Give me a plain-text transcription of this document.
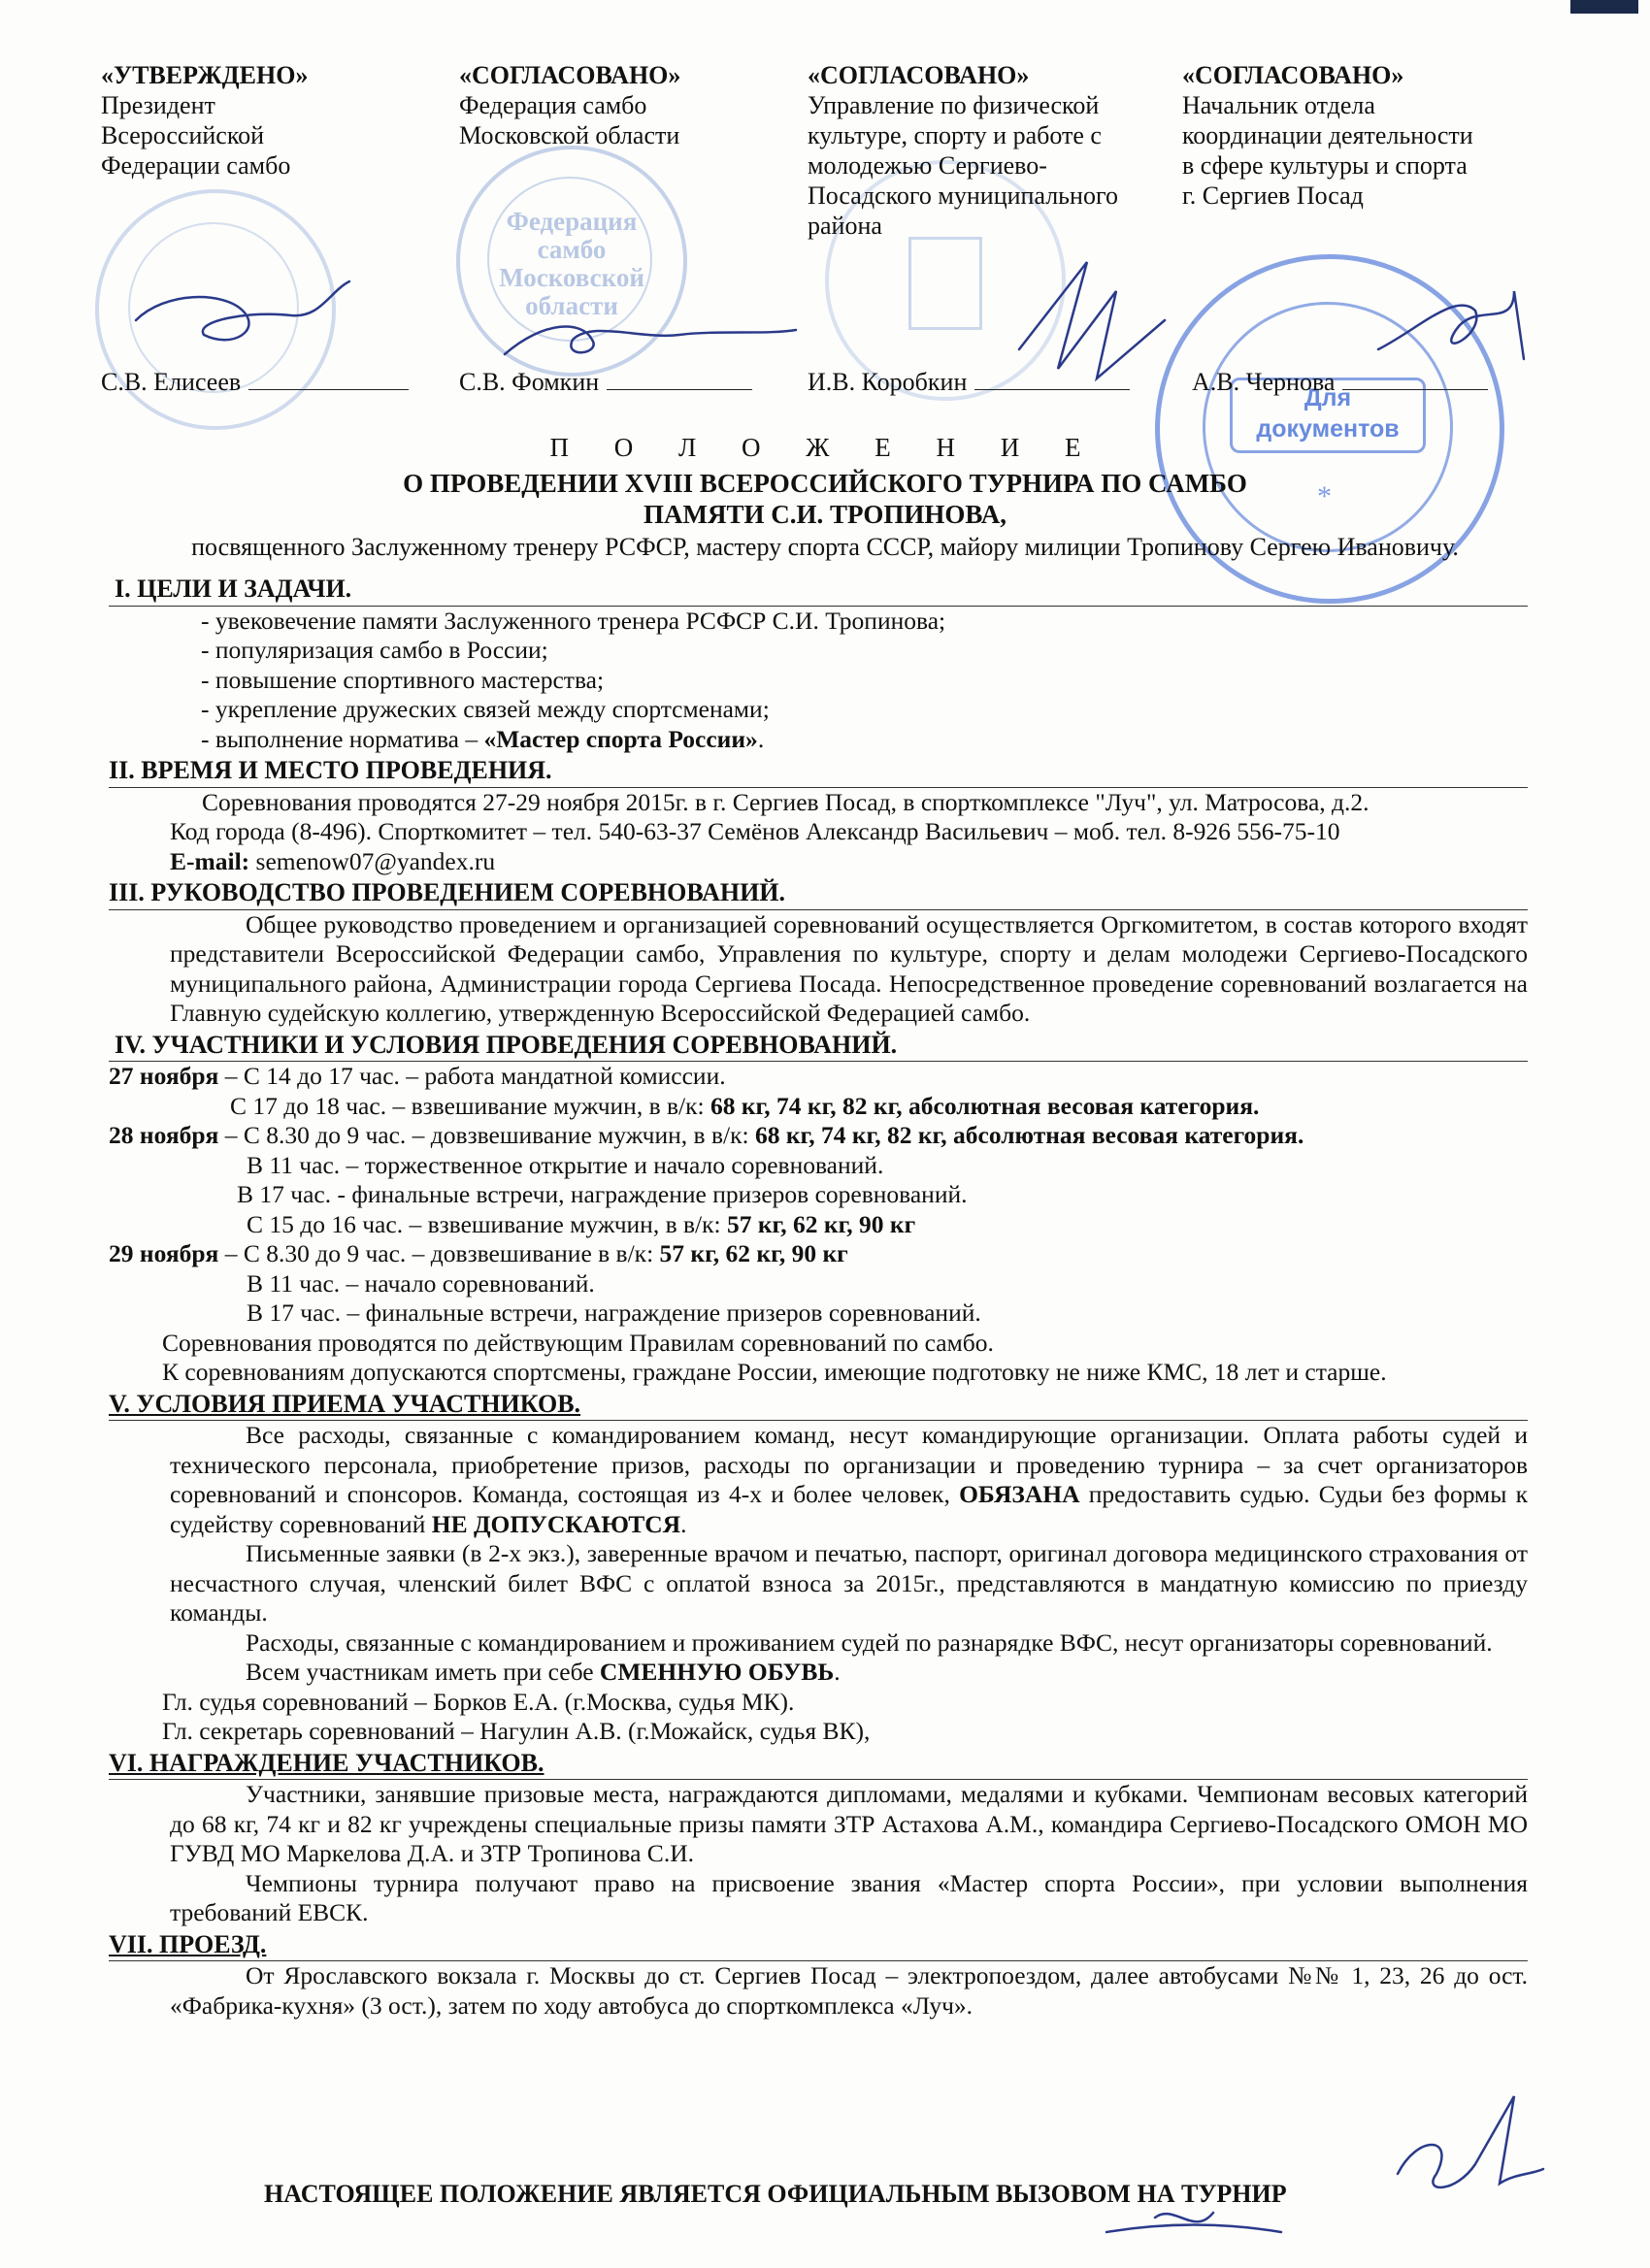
Федерация
самбо
Московской
области
Для документов
*
«УТВЕРЖДЕНО»
Президент
Всероссийской
Федерации самбо
С.В. Елисеев
«СОГЛАСОВАНО»
Федерация самбо
Московской области
С.В. Фомкин
«СОГЛАСОВАНО»
Управление по физической
культуре, спорту и работе с
молодежью Сергиево-
Посадского муниципального
района
И.В. Коробкин
«СОГЛАСОВАНО»
Начальник отдела
координации деятельности
в сфере культуры и спорта
г. Сергиев Посад
А.В. Чернова
П О Л О Ж Е Н И Е
О ПРОВЕДЕНИИ XVIII ВСЕРОССИЙСКОГО ТУРНИРА ПО САМБО
ПАМЯТИ С.И. ТРОПИНОВА,
посвященного Заслуженному тренеру РСФСР, мастеру спорта СССР, майору милиции Тропинову Сергею Ивановичу.
I. ЦЕЛИ И ЗАДАЧИ.
- увековечение памяти Заслуженного тренера РСФСР С.И. Тропинова;
- популяризация самбо в России;
- повышение спортивного мастерства;
- укрепление дружеских связей между спортсменами;
- выполнение норматива – «Мастер спорта России».
II. ВРЕМЯ И МЕСТО ПРОВЕДЕНИЯ.
Соревнования проводятся 27-29 ноября 2015г. в г. Сергиев Посад, в спорткомплексе "Луч", ул. Матросова, д.2.
Код города (8-496). Спорткомитет – тел. 540-63-37 Семёнов Александр Васильевич – моб. тел. 8-926 556-75-10
E-mail: semenow07@yandex.ru
III. РУКОВОДСТВО ПРОВЕДЕНИЕМ СОРЕВНОВАНИЙ.
Общее руководство проведением и организацией соревнований осуществляется Оргкомитетом, в состав которого входят представители Всероссийской Федерации самбо, Управления по культуре, спорту и делам молодежи Сергиево-Посадского муниципального района, Администрации города Сергиева Посада. Непосредственное проведение соревнований возлагается на Главную судейскую коллегию, утвержденную Всероссийской Федерацией самбо.
IV. УЧАСТНИКИ И УСЛОВИЯ ПРОВЕДЕНИЯ СОРЕВНОВАНИЙ.
27 ноября – С 14 до 17 час. – работа мандатной комиссии.
С 17 до 18 час. – взвешивание мужчин, в в/к: 68 кг, 74 кг, 82 кг, абсолютная весовая категория.
28 ноября – С 8.30 до 9 час. – довзвешивание мужчин, в в/к: 68 кг, 74 кг, 82 кг, абсолютная весовая категория.
В 11 час. – торжественное открытие и начало соревнований.
В 17 час. - финальные встречи, награждение призеров соревнований.
С 15 до 16 час. – взвешивание мужчин, в в/к: 57 кг, 62 кг, 90 кг
29 ноября – С 8.30 до 9 час. – довзвешивание в в/к: 57 кг, 62 кг, 90 кг
В 11 час. – начало соревнований.
В 17 час. – финальные встречи, награждение призеров соревнований.
Соревнования проводятся по действующим Правилам соревнований по самбо.
К соревнованиям допускаются спортсмены, граждане России, имеющие подготовку не ниже КМС, 18 лет и старше.
V. УСЛОВИЯ ПРИЕМА УЧАСТНИКОВ.
Все расходы, связанные с командированием команд, несут командирующие организации. Оплата работы судей и технического персонала, приобретение призов, расходы по организации и проведению турнира – за счет организаторов соревнований и спонсоров. Команда, состоящая из 4-х и более человек, ОБЯЗАНА предоставить судью. Судьи без формы к судейству соревнований НЕ ДОПУСКАЮТСЯ.
Письменные заявки (в 2-х экз.), заверенные врачом и печатью, паспорт, оригинал договора медицинского страхования от несчастного случая, членский билет ВФС с оплатой взноса за 2015г., представляются в мандатную комиссию по приезду команды.
Расходы, связанные с командированием и проживанием судей по разнарядке ВФС, несут организаторы соревнований.
Всем участникам иметь при себе СМЕННУЮ ОБУВЬ.
Гл. судья соревнований – Борков Е.А. (г.Москва, судья МК).
Гл. секретарь соревнований – Нагулин А.В. (г.Можайск, судья ВК),
VI. НАГРАЖДЕНИЕ УЧАСТНИКОВ.
Участники, занявшие призовые места, награждаются дипломами, медалями и кубками. Чемпионам весовых категорий до 68 кг, 74 кг и 82 кг учреждены специальные призы памяти ЗТР Астахова А.М., командира Сергиево-Посадского ОМОН МО ГУВД МО Маркелова Д.А. и ЗТР Тропинова С.И.
Чемпионы турнира получают право на присвоение звания «Мастер спорта России», при условии выполнения требований ЕВСК.
VII. ПРОЕЗД.
От Ярославского вокзала г. Москвы до ст. Сергиев Посад – электропоездом, далее автобусами №№ 1, 23, 26 до ост. «Фабрика-кухня» (3 ост.), затем по ходу автобуса до спорткомплекса «Луч».
НАСТОЯЩЕЕ ПОЛОЖЕНИЕ ЯВЛЯЕТСЯ ОФИЦИАЛЬНЫМ ВЫЗОВОМ НА ТУРНИР
